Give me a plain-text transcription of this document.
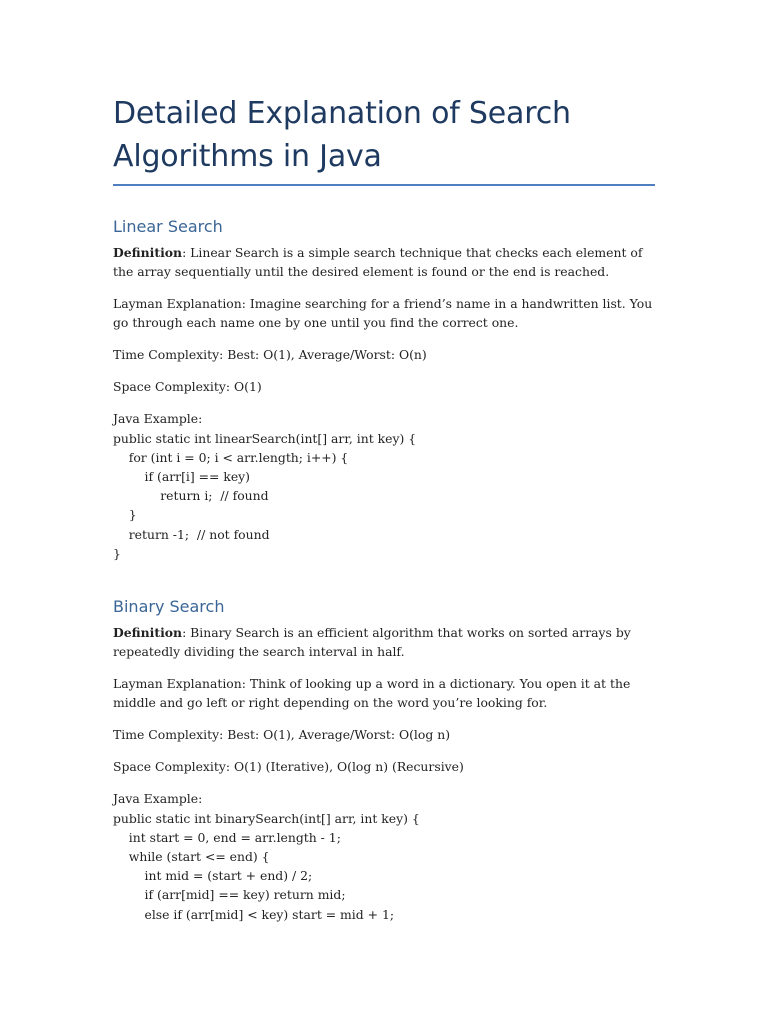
Detailed Explanation of Search Algorithms in Java
Linear Search

Definition: Linear Search is a simple search technique that checks each element of the array sequentially until the desired element is found or the end is reached.

Layman Explanation: Imagine searching for a friend’s name in a handwritten list. You go through each name one by one until you find the correct one.

Time Complexity: Best: O(1), Average/Worst: O(n)

Space Complexity: O(1)

Java Example:
public static int linearSearch(int[] arr, int key) {
for (int i = 0; i < arr.length; i++) {
if (arr[i] == key)
return i;  // found
}
return -1;  // not found
}
Binary Search

Definition: Binary Search is an efficient algorithm that works on sorted arrays by repeatedly dividing the search interval in half.

Layman Explanation: Think of looking up a word in a dictionary. You open it at the middle and go left or right depending on the word you’re looking for.

Time Complexity: Best: O(1), Average/Worst: O(log n)

Space Complexity: O(1) (Iterative), O(log n) (Recursive)

Java Example:
public static int binarySearch(int[] arr, int key) {
int start = 0, end = arr.length - 1;
while (start <= end) {
int mid = (start + end) / 2;
if (arr[mid] == key) return mid;
else if (arr[mid] < key) start = mid + 1;
